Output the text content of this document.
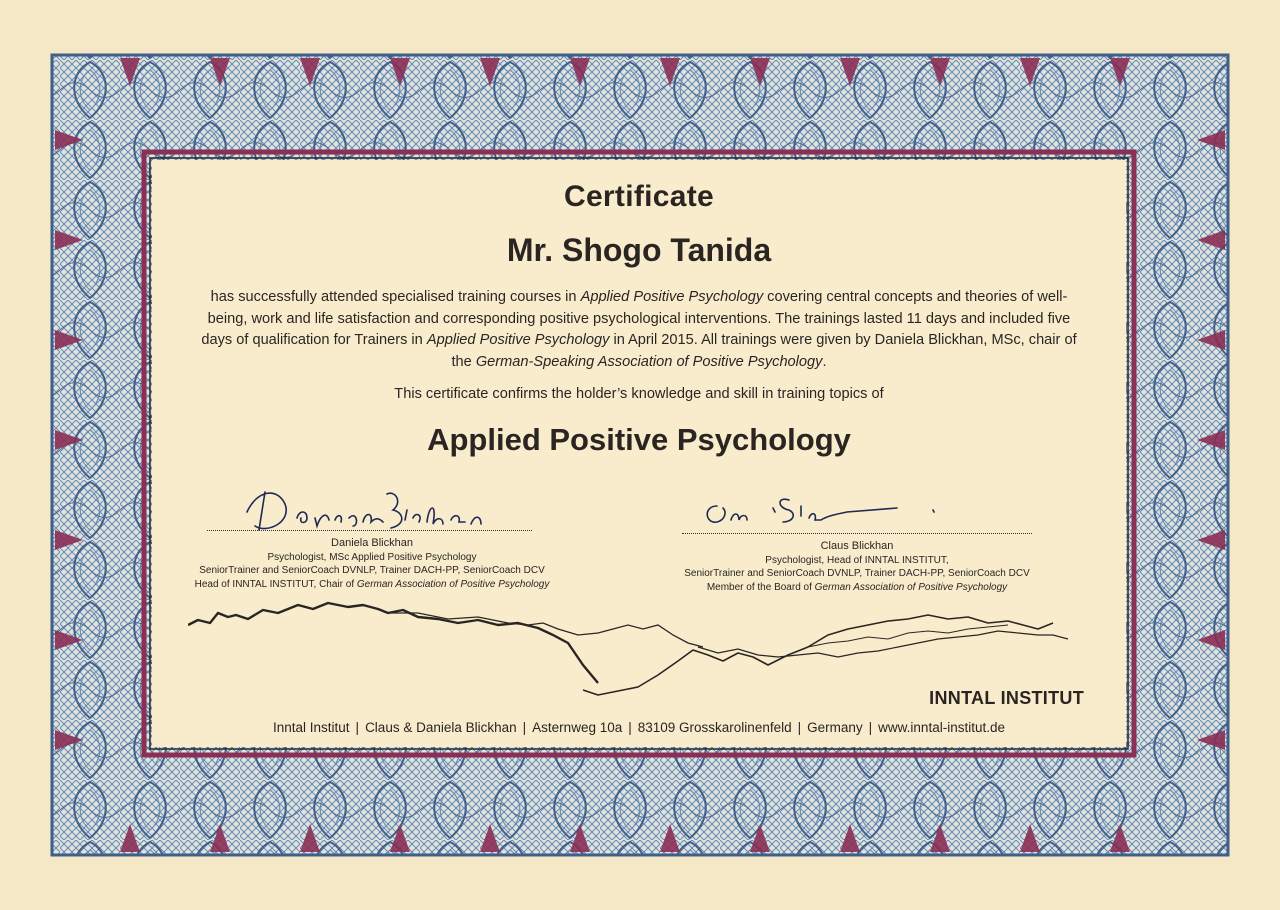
Certificate
Mr. Shogo Tanida

has successfully attended specialised training courses in Applied Positive Psychology covering central concepts and theories of well-being, work and life satisfaction and corresponding positive psychological interventions. The trainings lasted 11 days and included five days of qualification for Trainers in Applied Positive Psychology in April 2015. All trainings were given by Daniela Blickhan, MSc, chair of the German-Speaking Association of Positive Psychology.

This certificate confirms the holder’s knowledge and skill in training topics of

Applied Positive Psychology
Daniela Blickhan
Psychologist, MSc Applied Positive Psychology
SeniorTrainer and SeniorCoach DVNLP, Trainer DACH-PP, SeniorCoach DCV
Head of INNTAL INSTITUT, Chair of German Association of Positive Psychology
Claus Blickhan
Psychologist, Head of INNTAL INSTITUT,
SeniorTrainer and SeniorCoach DVNLP, Trainer DACH-PP, SeniorCoach DCV
Member of the Board of German Association of Positive Psychology
INNTAL INSTITUT
Inntal Institut | Claus & Daniela Blickhan | Asternweg 10a | 83109 Grosskarolinenfeld | Germany | www.inntal-institut.de
